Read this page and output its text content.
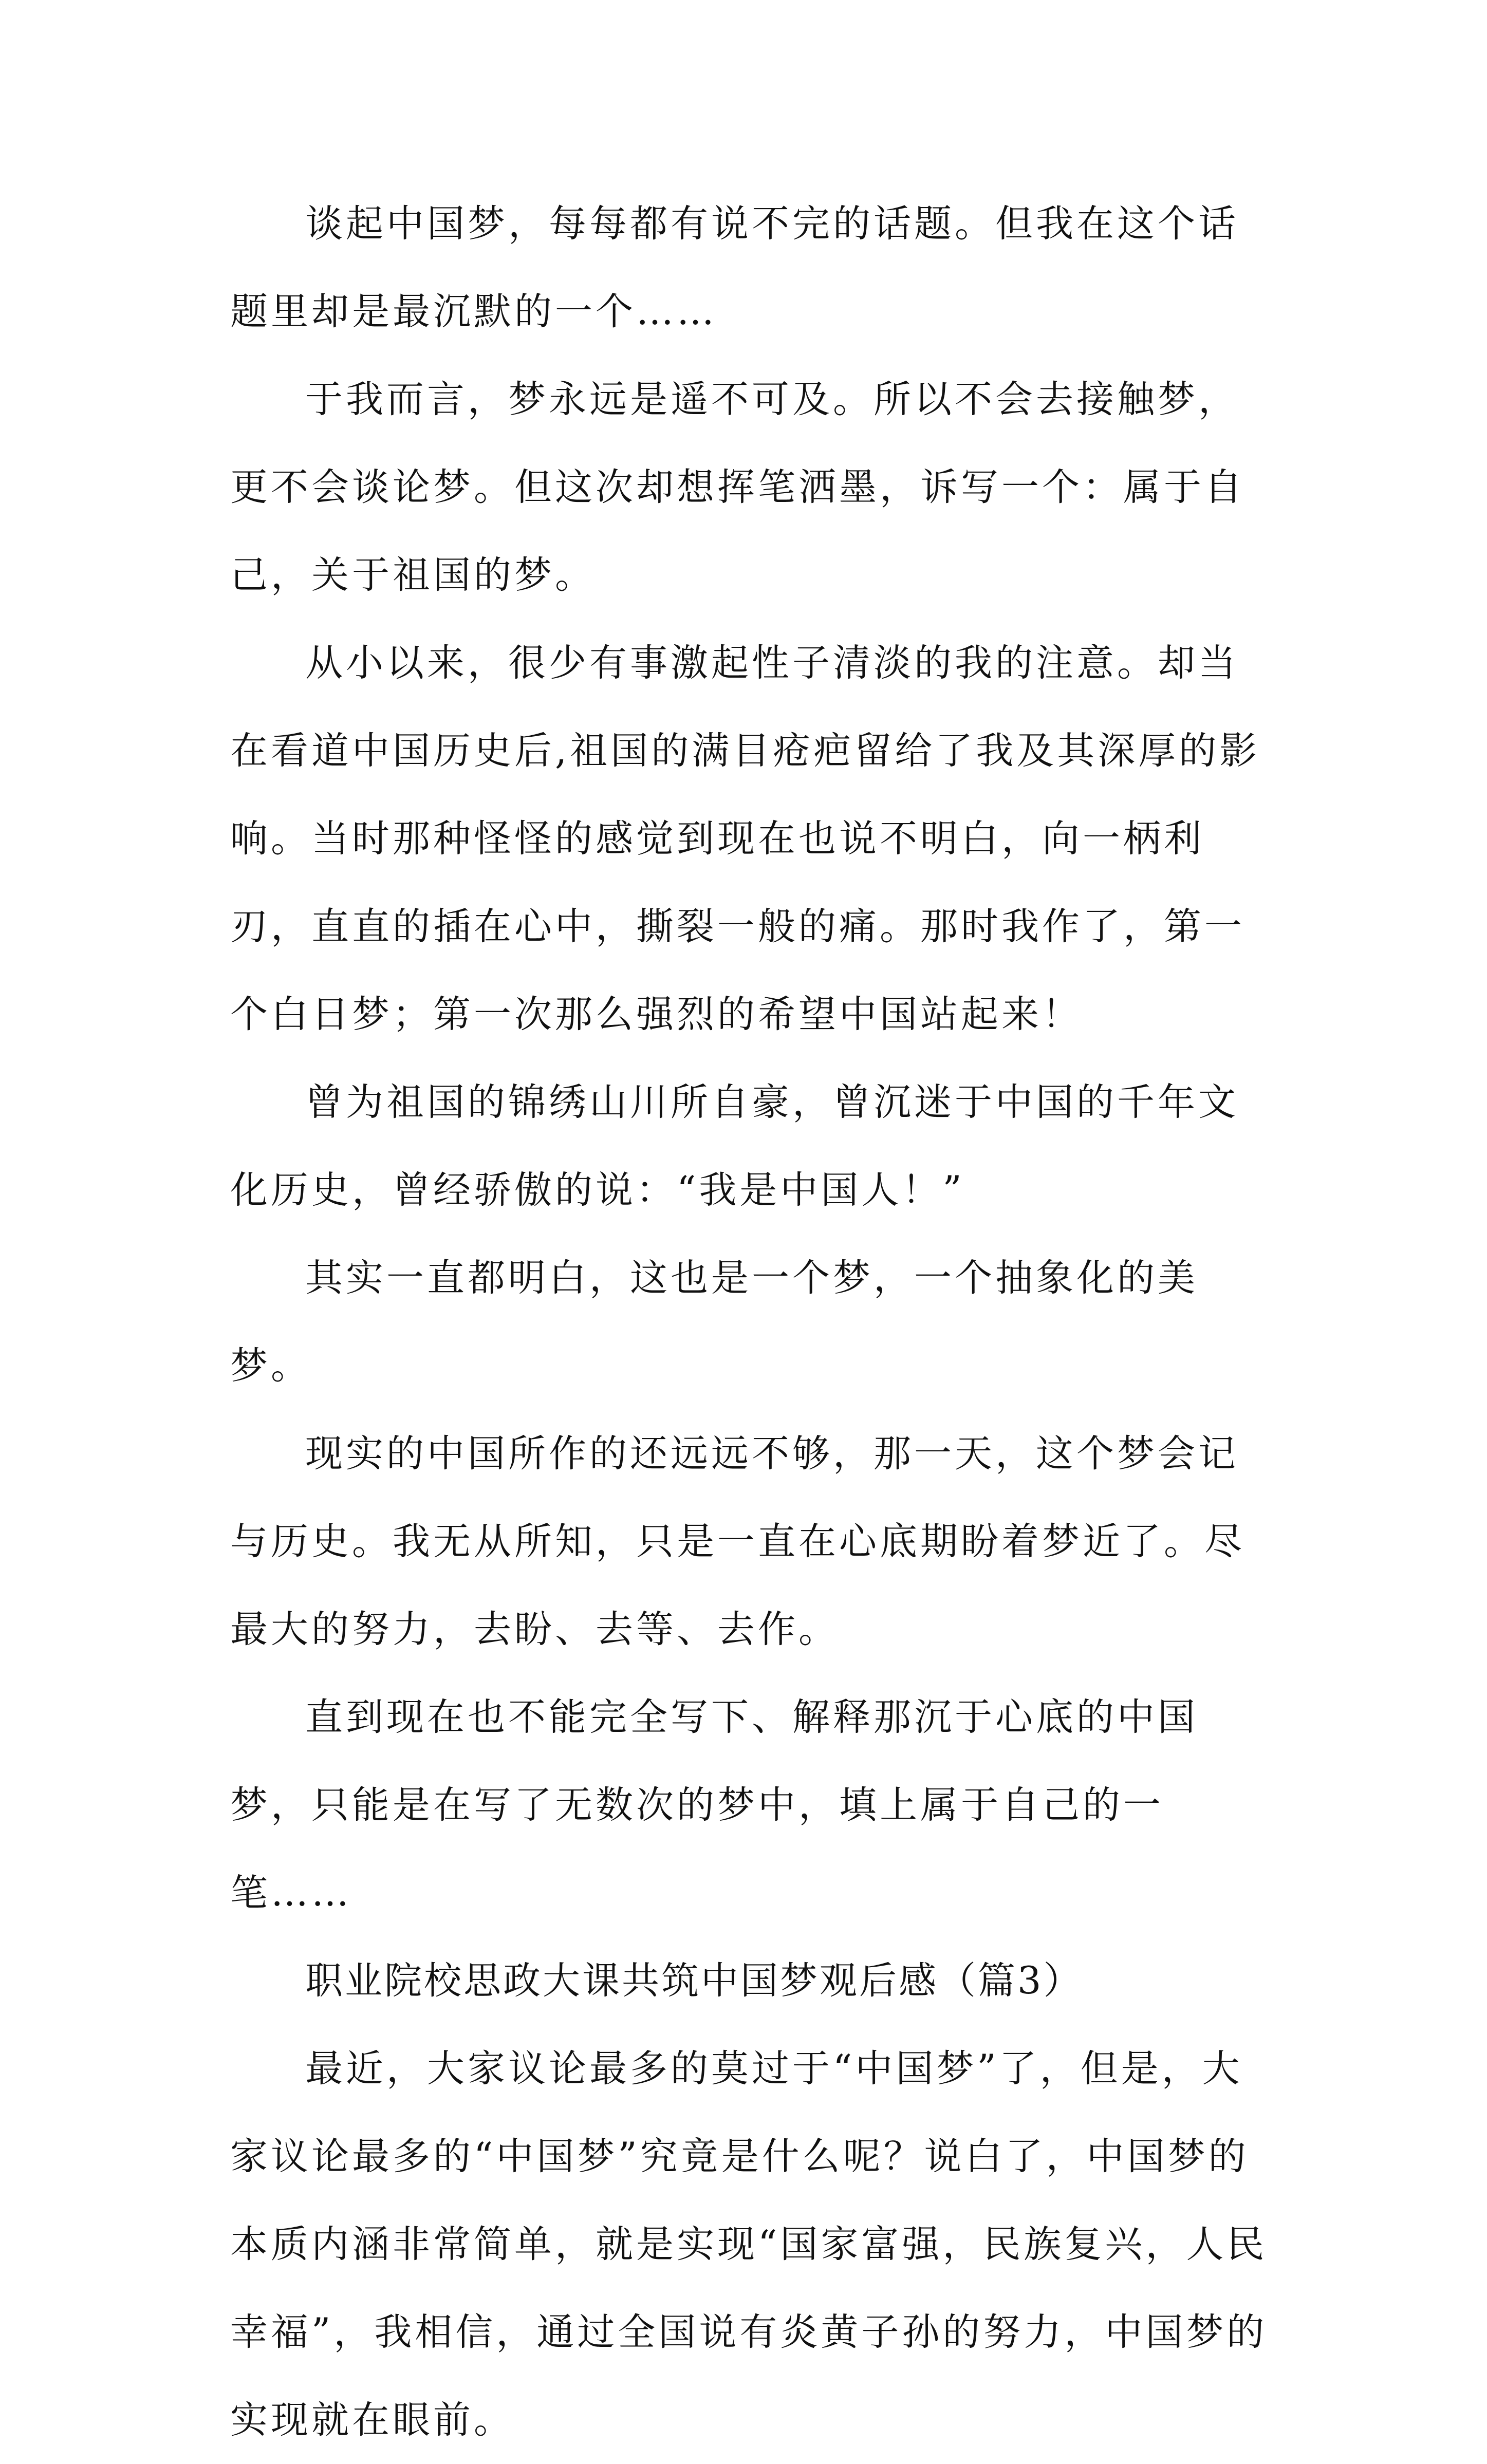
谈起中国梦，每每都有说不完的话题。但我在这个话题里却是最沉默的一个……

于我而言，梦永远是遥不可及。所以不会去接触梦，更不会谈论梦。但这次却想挥笔洒墨，诉写一个：属于自己，关于祖国的梦。

从小以来，很少有事激起性子清淡的我的注意。却当在看道中国历史后,祖国的满目疮疤留给了我及其深厚的影响。当时那种怪怪的感觉到现在也说不明白，向一柄利刃，直直的插在心中，撕裂一般的痛。那时我作了，第一个白日梦；第一次那么强烈的希望中国站起来！

曾为祖国的锦绣山川所自豪，曾沉迷于中国的千年文化历史，曾经骄傲的说：“我是中国人！”

其实一直都明白，这也是一个梦，一个抽象化的美梦。

现实的中国所作的还远远不够，那一天，这个梦会记与历史。我无从所知，只是一直在心底期盼着梦近了。尽最大的努力，去盼、去等、去作。

直到现在也不能完全写下、解释那沉于心底的中国梦，只能是在写了无数次的梦中，填上属于自己的一笔……

职业院校思政大课共筑中国梦观后感（篇3）

最近，大家议论最多的莫过于“中国梦”了，但是，大家议论最多的“中国梦”究竟是什么呢？说白了，中国梦的本质内涵非常简单，就是实现“国家富强，民族复兴，人民幸福”，我相信，通过全国说有炎黄子孙的努力，中国梦的实现就在眼前。
